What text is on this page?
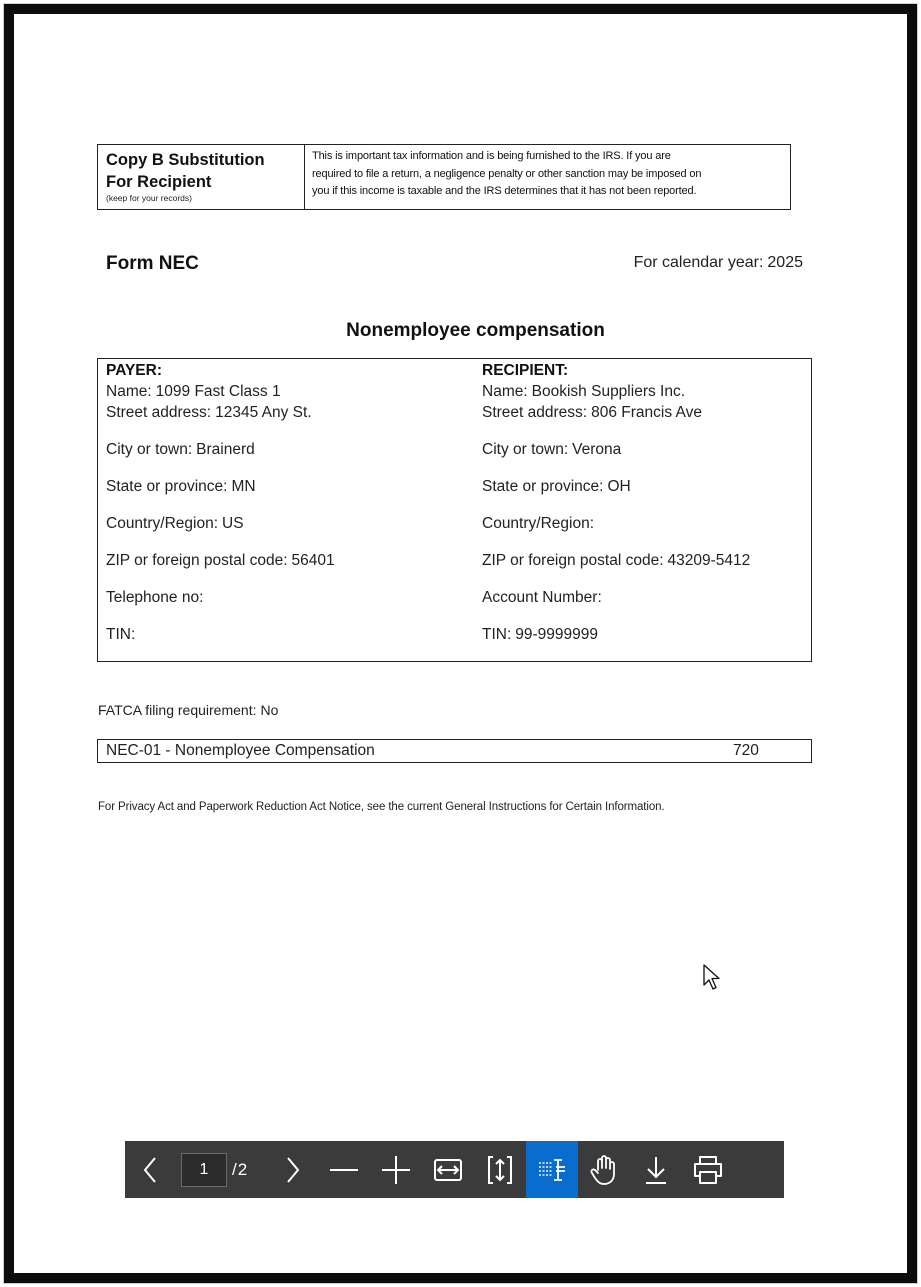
Copy B Substitution
For Recipient
(keep for your records)
This is important tax information and is being furnished to the IRS. If you are
required to file a return, a negligence penalty or other sanction may be imposed on
you if this income is taxable and the IRS determines that it has not been reported.
Form NEC	For calendar year: 2025
Nonemployee compensation
PAYER:
Name: 1099 Fast Class 1
Street address: 12345 Any St.
City or town: Brainerd
State or province: MN
Country/Region: US
ZIP or foreign postal code: 56401
Telephone no:
TIN:
RECIPIENT:
Name: Bookish Suppliers Inc.
Street address: 806 Francis Ave
City or town: Verona
State or province: OH
Country/Region:
ZIP or foreign postal code: 43209-5412
Account Number:
TIN: 99-9999999
FATCA filing requirement: No
NEC-01 - Nonemployee Compensation	720
For Privacy Act and Paperwork Reduction Act Notice, see the current General Instructions for Certain Information.
1
/2
